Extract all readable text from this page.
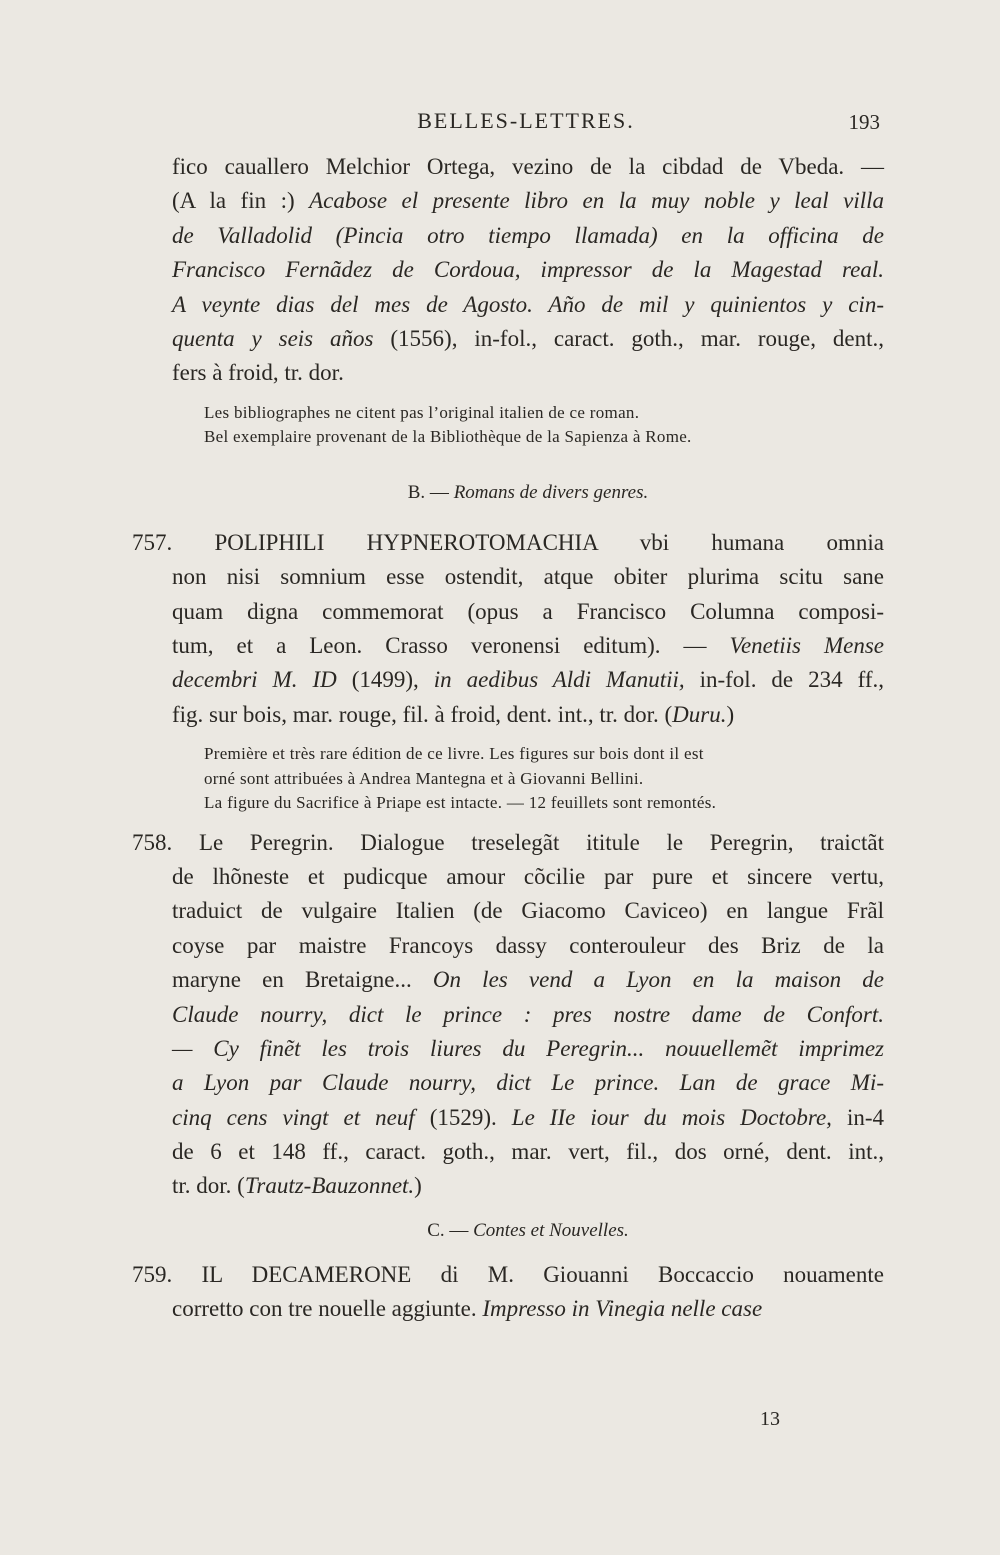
BELLES-LETTRES.	193
fico cauallero Melchior Ortega, vezino de la cibdad de Vbeda. —
(A la fin :) Acabose el presente libro en la muy noble y leal villa
de Valladolid (Pincia otro tiempo llamada) en la officina de
Francisco Fernãdez de Cordoua, impressor de la Magestad real.
A veynte dias del mes de Agosto. Año de mil y quinientos y cin-
quenta y seis años (1556), in-fol., caract. goth., mar. rouge, dent.,
fers à froid, tr. dor.
Les bibliographes ne citent pas l’original italien de ce roman.
Bel exemplaire provenant de la Bibliothèque de la Sapienza à Rome.
B. — Romans de divers genres.
757. POLIPHILI HYPNEROTOMACHIA vbi humana omnia
non nisi somnium esse ostendit, atque obiter plurima scitu sane
quam digna commemorat (opus a Francisco Columna composi-
tum, et a Leon. Crasso veronensi editum). — Venetiis Mense
decembri M. ID (1499), in aedibus Aldi Manutii, in-fol. de 234 ff.,
fig. sur bois, mar. rouge, fil. à froid, dent. int., tr. dor. (Duru.)
Première et très rare édition de ce livre. Les figures sur bois dont il est
orné sont attribuées à Andrea Mantegna et à Giovanni Bellini.
La figure du Sacrifice à Priape est intacte. — 12 feuillets sont remontés.
758. Le Peregrin. Dialogue treselegãt ititule le Peregrin, traictãt
de lhõneste et pudicque amour cõcilie par pure et sincere vertu,
traduict de vulgaire Italien (de Giacomo Caviceo) en langue Frãl
coyse par maistre Francoys dassy conterouleur des Briz de la
maryne en Bretaigne... On les vend a Lyon en la maison de
Claude nourry, dict le prince : pres nostre dame de Confort.
— Cy finẽt les trois liures du Peregrin... nouuellemẽt imprimez
a Lyon par Claude nourry, dict Le prince. Lan de grace Mi-
cinq cens vingt et neuf (1529). Le IIe iour du mois Doctobre, in-4
de 6 et 148 ff., caract. goth., mar. vert, fil., dos orné, dent. int.,
tr. dor. (Trautz-Bauzonnet.)
C. — Contes et Nouvelles.
759. IL DECAMERONE di M. Giouanni Boccaccio nouamente
corretto con tre nouelle aggiunte. Impresso in Vinegia nelle case
13
